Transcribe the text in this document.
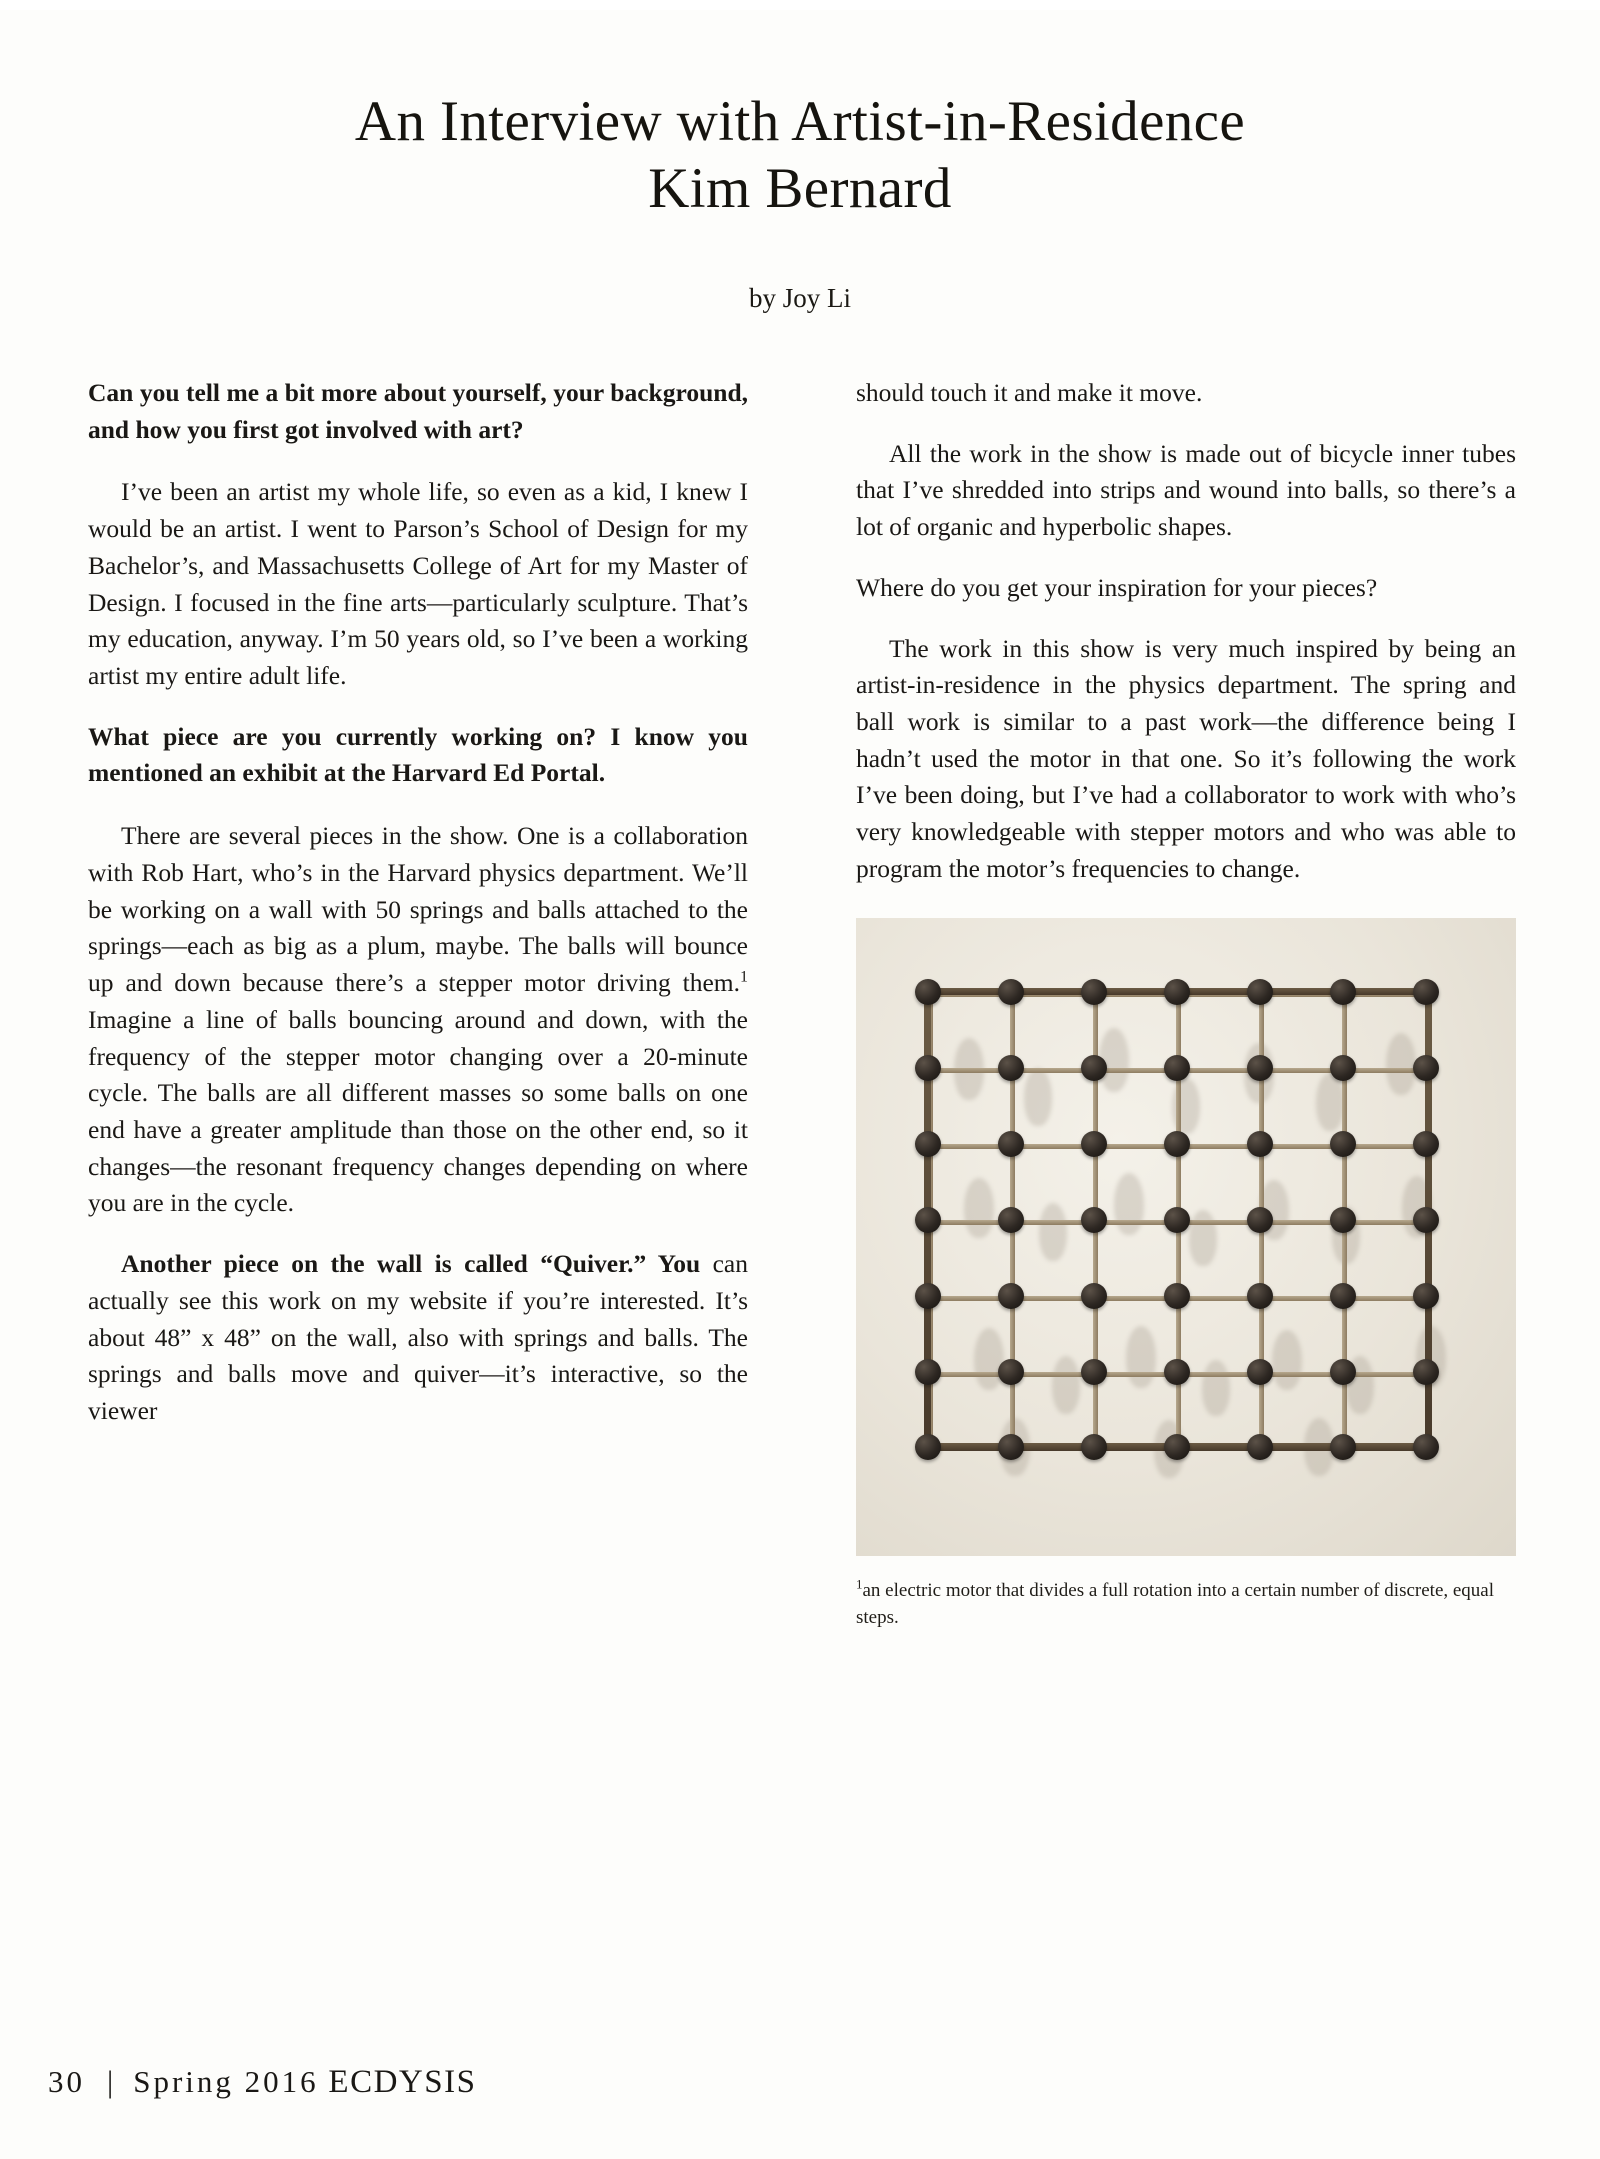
An Interview with Artist-in-Residence
Kim Bernard
by Joy Li

Can you tell me a bit more about yourself, your background, and how you first got involved with art?

I’ve been an artist my whole life, so even as a kid, I knew I would be an artist. I went to Parson’s School of Design for my Bachelor’s, and Massachusetts College of Art for my Master of Design. I focused in the fine arts—particularly sculpture. That’s my education, anyway. I’m 50 years old, so I’ve been a working artist my entire adult life.

What piece are you currently working on? I know you mentioned an exhibit at the Harvard Ed Portal.

There are several pieces in the show. One is a collaboration with Rob Hart, who’s in the Harvard physics department. We’ll be working on a wall with 50 springs and balls attached to the springs—each as big as a plum, maybe. The balls will bounce up and down because there’s a stepper motor driving them.$^1$ Imagine a line of balls bouncing around and down, with the frequency of the stepper motor changing over a 20-minute cycle. The balls are all different masses so some balls on one end have a greater amplitude than those on the other end, so it changes—the resonant frequency changes depending on where you are in the cycle.

Another piece on the wall is called “Quiver.” You can actually see this work on my website if you’re interested. It’s about 48” x 48” on the wall, also with springs and balls. The springs and balls move and quiver—it’s interactive, so the viewer

should touch it and make it move.

All the work in the show is made out of bicycle inner tubes that I’ve shredded into strips and wound into balls, so there’s a lot of organic and hyperbolic shapes.

Where do you get your inspiration for your pieces?

The work in this show is very much inspired by being an artist-in-residence in the physics department. The spring and ball work is similar to a past work—the difference being I hadn’t used the motor in that one. So it’s following the work I’ve been doing, but I’ve had a collaborator to work with who’s very knowledgeable with stepper motors and who was able to program the motor’s frequencies to change.

$^1$an electric motor that divides a full rotation into a certain number of discrete, equal steps.
30 | Spring 2016 ECDYSIS
